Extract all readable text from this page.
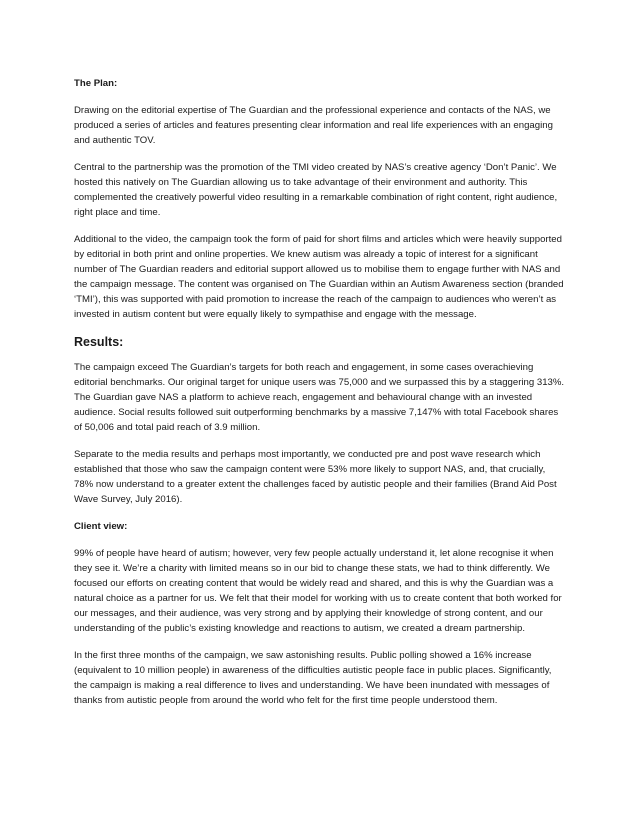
The Plan:

Drawing on the editorial expertise of The Guardian and the professional experience and contacts of the NAS, we produced a series of articles and features presenting clear information and real life experiences with an engaging and authentic TOV.

Central to the partnership was the promotion of the TMI video created by NAS’s creative agency ‘Don’t Panic’. We hosted this natively on The Guardian allowing us to take advantage of their environment and authority. This complemented the creatively powerful video resulting in a remarkable combination of right content, right audience, right place and time.

Additional to the video, the campaign took the form of paid for short films and articles which were heavily supported by editorial in both print and online properties. We knew autism was already a topic of interest for a significant number of The Guardian readers and editorial support allowed us to mobilise them to engage further with NAS and the campaign message. The content was organised on The Guardian within an Autism Awareness section (branded ‘TMI’), this was supported with paid promotion to increase the reach of the campaign to audiences who weren’t as invested in autism content but were equally likely to sympathise and engage with the message.

Results:

The campaign exceed The Guardian’s targets for both reach and engagement, in some cases overachieving editorial benchmarks. Our original target for unique users was 75,000 and we surpassed this by a staggering 313%. The Guardian gave NAS a platform to achieve reach, engagement and behavioural change with an invested audience. Social results followed suit outperforming benchmarks by a massive 7,147% with total Facebook shares of 50,006 and total paid reach of 3.9 million.

Separate to the media results and perhaps most importantly, we conducted pre and post wave research which established that those who saw the campaign content were 53% more likely to support NAS, and, that crucially, 78% now understand to a greater extent the challenges faced by autistic people and their families (Brand Aid Post Wave Survey, July 2016).

Client view:

99% of people have heard of autism; however, very few people actually understand it, let alone recognise it when they see it. We’re a charity with limited means so in our bid to change these stats, we had to think differently. We focused our efforts on creating content that would be widely read and shared, and this is why the Guardian was a natural choice as a partner for us. We felt that their model for working with us to create content that both worked for our messages, and their audience, was very strong and by applying their knowledge of strong content, and our understanding of the public’s existing knowledge and reactions to autism, we created a dream partnership.

In the first three months of the campaign, we saw astonishing results. Public polling showed a 16% increase (equivalent to 10 million people) in awareness of the difficulties autistic people face in public places. Significantly, the campaign is making a real difference to lives and understanding. We have been inundated with messages of thanks from autistic people from around the world who felt for the first time people understood them.
